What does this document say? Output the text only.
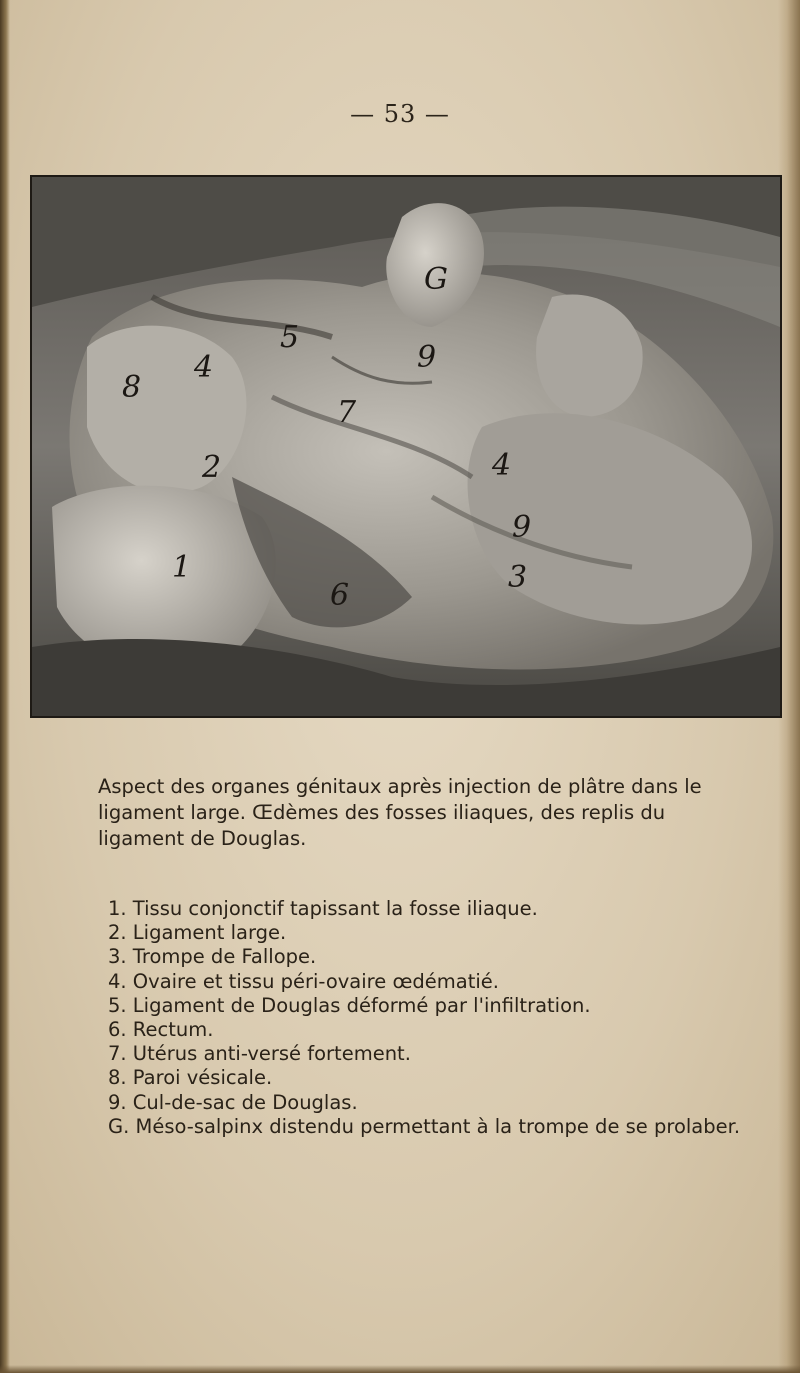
— 53 —
G
5
4
8
9
7
2	4
9
3
1
6
Aspect des organes génitaux après injection de plâtre dans le ligament large. Œdèmes des fosses iliaques, des replis du ligament de Douglas.
1. Tissu conjonctif tapissant la fosse iliaque.
2. Ligament large.
3. Trompe de Fallope.
4. Ovaire et tissu péri-ovaire œdématié.
5. Ligament de Douglas déformé par l'infiltration.
6. Rectum.
7. Utérus anti-versé fortement.
8. Paroi vésicale.
9. Cul-de-sac de Douglas.
G. Méso-salpinx distendu permettant à la trompe de se prolaber.
